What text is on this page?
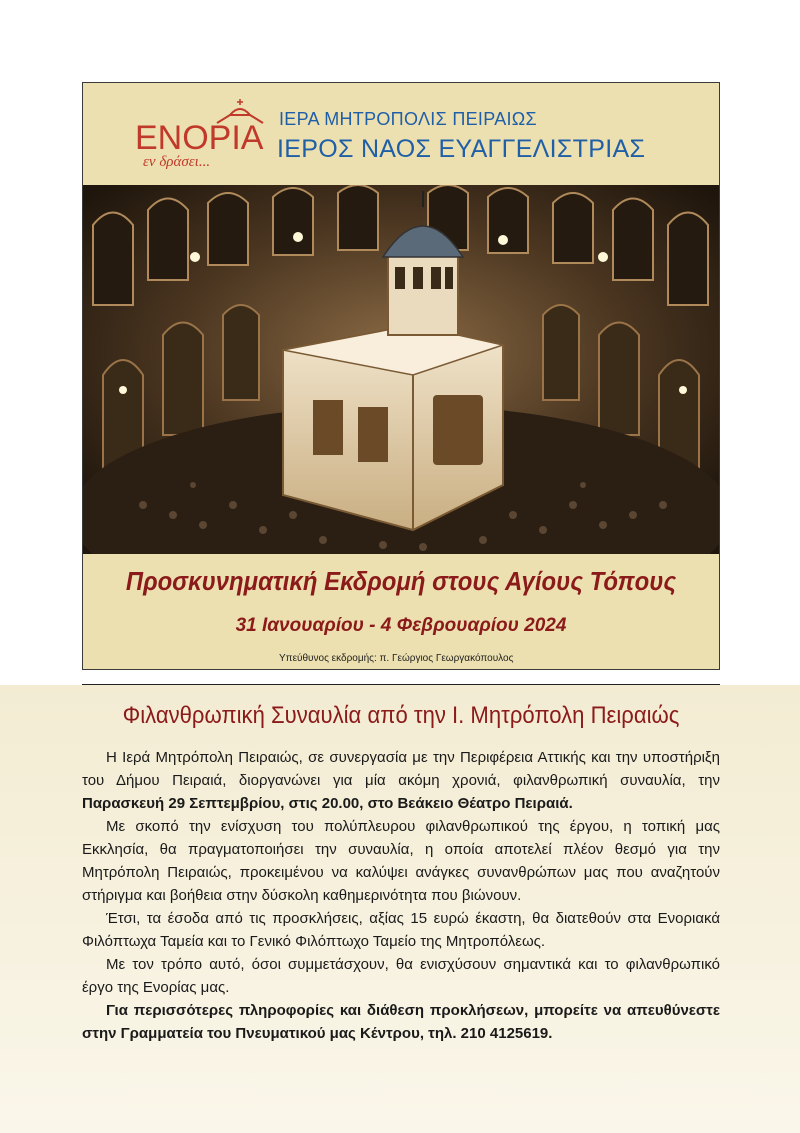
ΕΝΟΡΙΑ
εν δράσει...
ΙΕΡΑ ΜΗΤΡΟΠΟΛΙΣ ΠΕΙΡΑΙΩΣ
ΙΕΡΟΣ ΝΑΟΣ ΕΥΑΓΓΕΛΙΣΤΡΙΑΣ
Προσκυνηματική Εκδρομή στους Αγίους Τόπους
31 Ιανουαρίου - 4 Φεβρουαρίου 2024
Υπεύθυνος εκδρομής: π. Γεώργιος Γεωργακόπουλος
Φιλανθρωπική Συναυλία από την Ι. Μητρόπολη Πειραιώς

Η Ιερά Μητρόπολη Πειραιώς, σε συνεργασία με την Περιφέρεια Αττικής και την υποστήριξη του Δήμου Πειραιά, διοργανώνει για μία ακόμη χρονιά, φιλανθρωπική συναυλία, την Παρασκευή 29 Σεπτεμβρίου, στις 20.00, στο Βεάκειο Θέατρο Πειραιά.

Με σκοπό την ενίσχυση του πολύπλευρου φιλανθρωπικού της έργου, η τοπική μας Εκκλησία, θα πραγματοποιήσει την συναυλία, η οποία αποτελεί πλέον θεσμό για την Μητρόπολη Πειραιώς, προκειμένου να καλύψει ανάγκες συνανθρώπων μας που αναζητούν στήριγμα και βοήθεια στην δύσκολη καθημερινότητα που βιώνουν.

Έτσι, τα έσοδα από τις προσκλήσεις, αξίας 15 ευρώ έκαστη, θα διατεθούν στα Ενοριακά Φιλόπτωχα Ταμεία και το Γενικό Φιλόπτωχο Ταμείο της Μητροπόλεως.

Με τον τρόπο αυτό, όσοι συμμετάσχουν, θα ενισχύσουν σημαντικά και το φιλανθρωπικό έργο της Ενορίας μας.

Για περισσότερες πληροφορίες και διάθεση προκλήσεων, μπορείτε να απευθύνεστε στην Γραμματεία του Πνευματικού μας Κέντρου, τηλ. 210 4125619.
